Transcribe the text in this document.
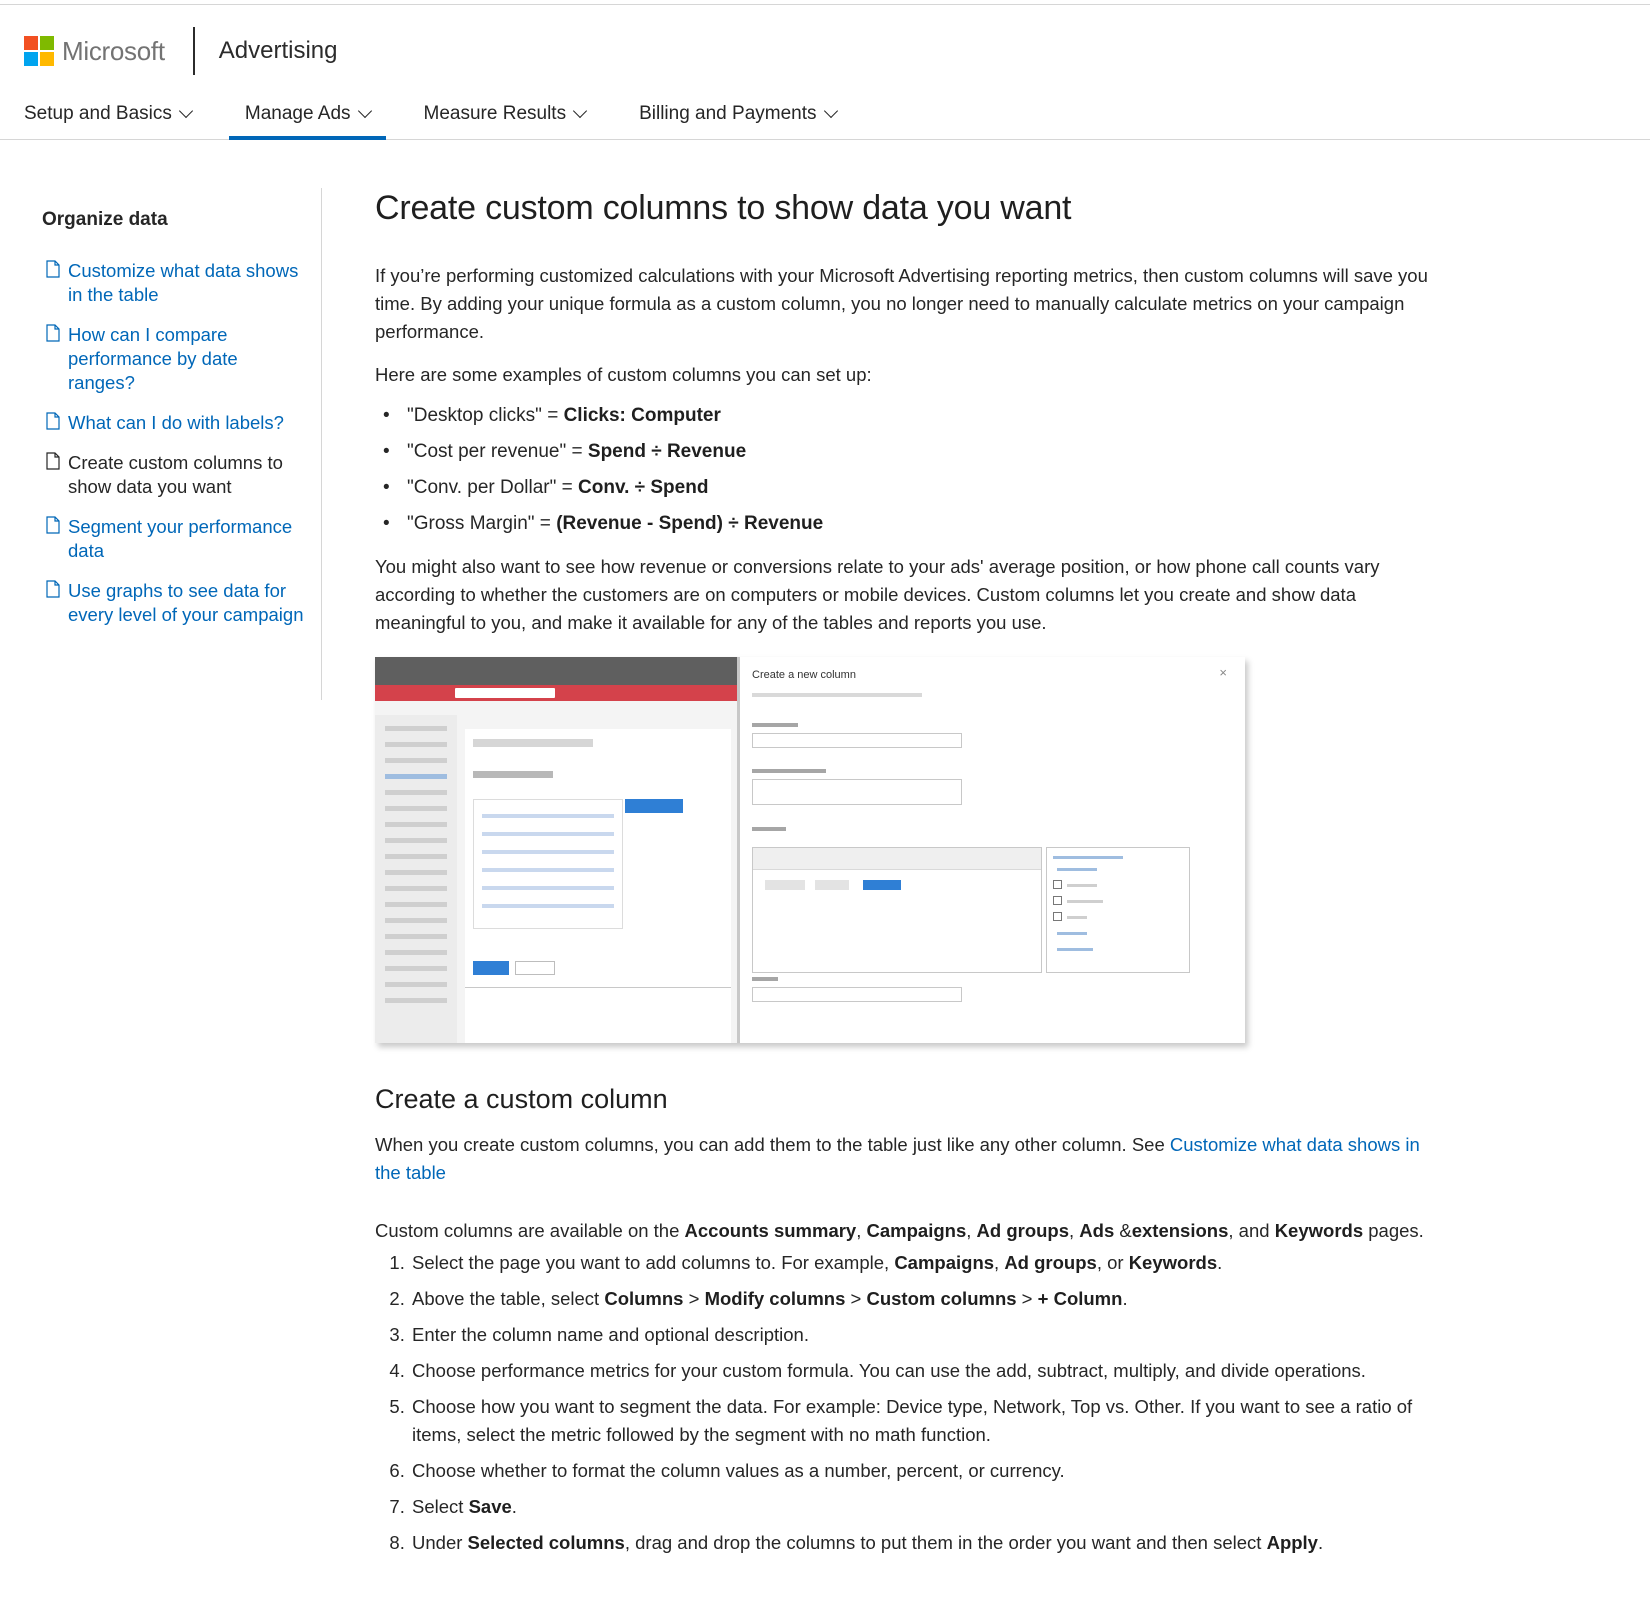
Microsoft Advertising
Setup and Basics	Manage Ads	Measure Results	Billing and Payments
Organize data
Customize what data shows in the table
How can I compare performance by date ranges?
What can I do with labels?
Create custom columns to show data you want
Segment your performance data
Use graphs to see data for every level of your campaign
Create custom columns to show data you want

If you’re performing customized calculations with your Microsoft Advertising reporting metrics, then custom columns will save you time. By adding your unique formula as a custom column, you no longer need to manually calculate metrics on your campaign performance.

Here are some examples of custom columns you can set up:

• "Desktop clicks" = Clicks: Computer
• "Cost per revenue" = Spend ÷ Revenue
• "Conv. per Dollar" = Conv. ÷ Spend
• "Gross Margin" = (Revenue - Spend) ÷ Revenue

You might also want to see how revenue or conversions relate to your ads' average position, or how phone call counts vary according to whether the customers are on computers or mobile devices. Custom columns let you create and show data meaningful to you, and make it available for any of the tables and reports you use.

Create a new column	×
Create a custom column

When you create custom columns, you can add them to the table just like any other column. See Customize what data shows in the table

Custom columns are available on the Accounts summary, Campaigns, Ad groups, Ads &extensions, and Keywords pages.

1. Select the page you want to add columns to. For example, Campaigns, Ad groups, or Keywords.
2. Above the table, select Columns > Modify columns > Custom columns > + Column.
3. Enter the column name and optional description.
4. Choose performance metrics for your custom formula. You can use the add, subtract, multiply, and divide operations.
5. Choose how you want to segment the data. For example: Device type, Network, Top vs. Other. If you want to see a ratio of items, select the metric followed by the segment with no math function.
6. Choose whether to format the column values as a number, percent, or currency.
7. Select Save.
8. Under Selected columns, drag and drop the columns to put them in the order you want and then select Apply.
